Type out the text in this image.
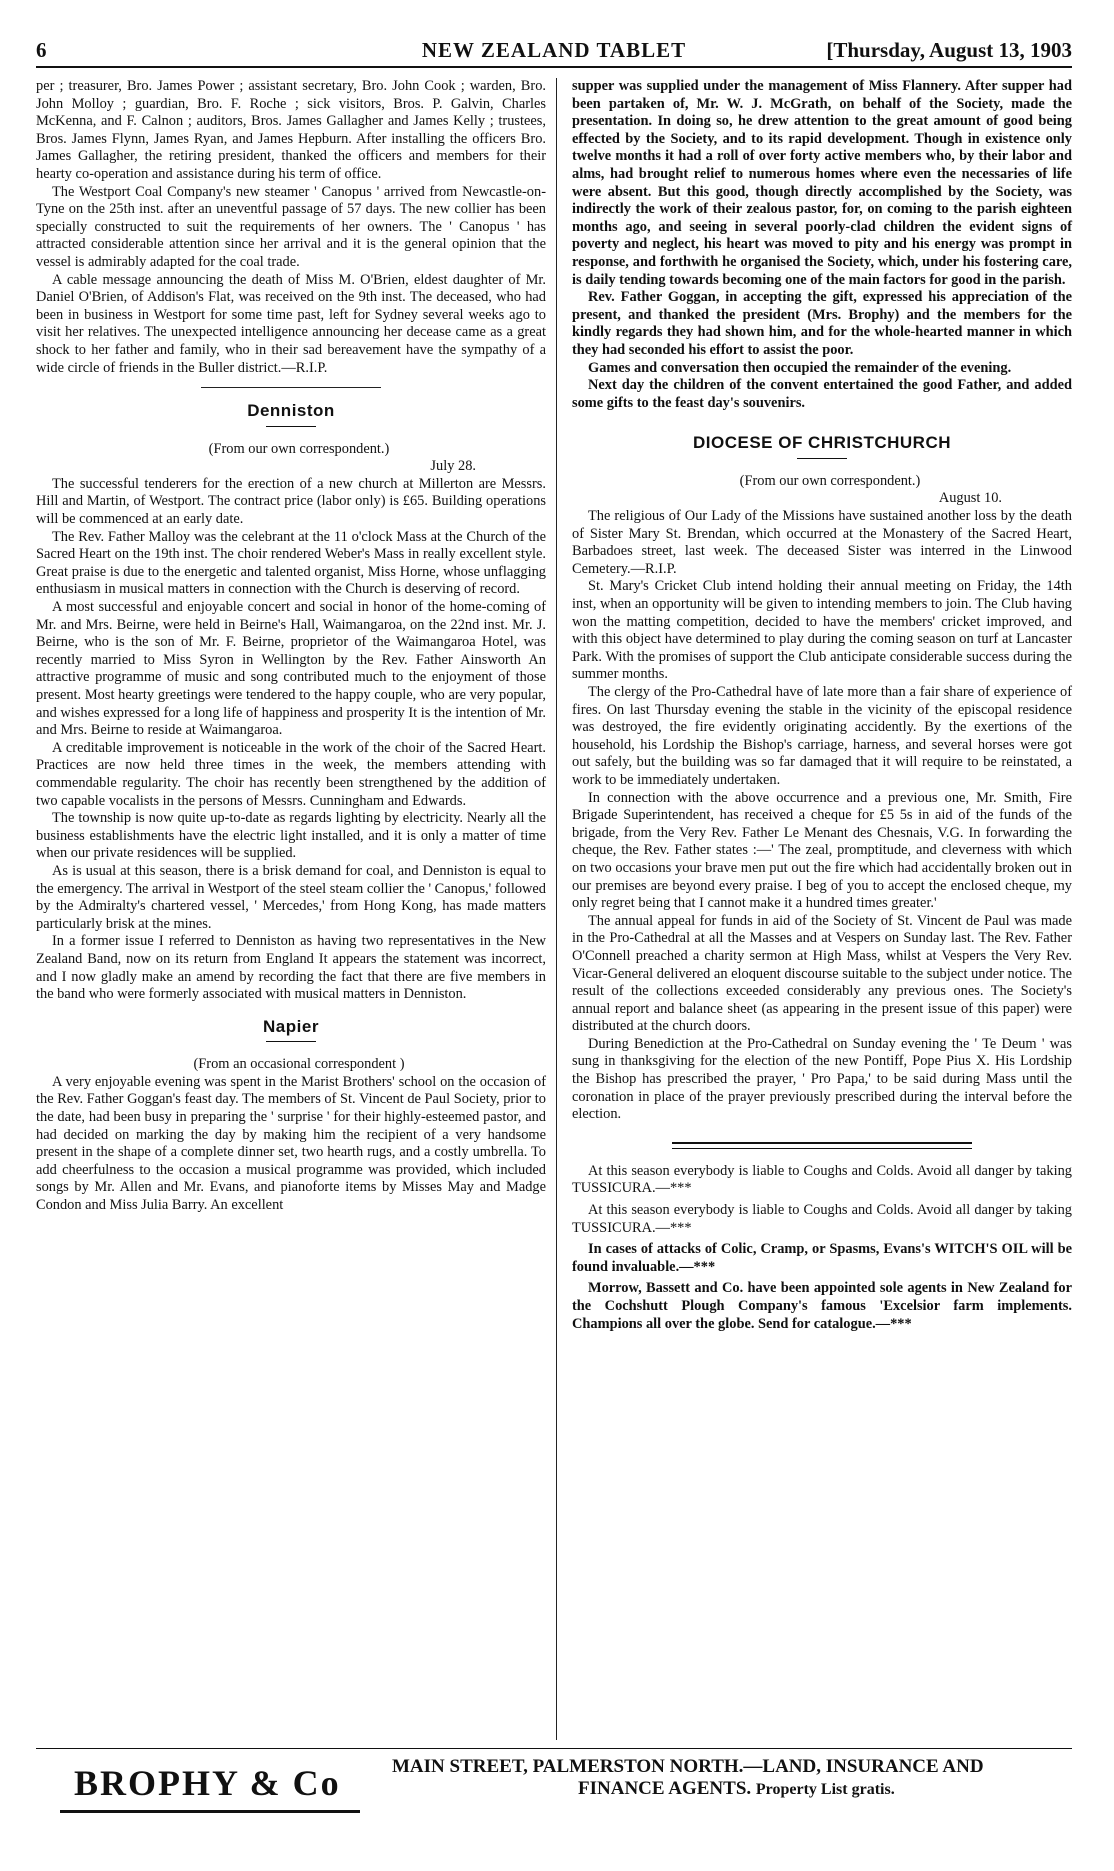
6	NEW ZEALAND TABLET	[Thursday, August 13, 1903

per ; treasurer, Bro. James Power ; assistant secretary, Bro. John Cook ; warden, Bro. John Molloy ; guardian, Bro. F. Roche ; sick visitors, Bros. P. Galvin, Charles McKenna, and F. Calnon ; auditors, Bros. James Gallagher and James Kelly ; trustees, Bros. James Flynn, James Ryan, and James Hepburn. After installing the officers Bro. James Gallagher, the retiring president, thanked the officers and members for their hearty co-operation and assistance during his term of office.

The Westport Coal Company's new steamer ' Canopus ' arrived from Newcastle-on-Tyne on the 25th inst. after an uneventful passage of 57 days. The new collier has been specially constructed to suit the requirements of her owners. The ' Canopus ' has attracted considerable attention since her arrival and it is the general opinion that the vessel is admirably adapted for the coal trade.

A cable message announcing the death of Miss M. O'Brien, eldest daughter of Mr. Daniel O'Brien, of Addison's Flat, was received on the 9th inst. The deceased, who had been in business in Westport for some time past, left for Sydney several weeks ago to visit her relatives. The unexpected intelligence announcing her decease came as a great shock to her father and family, who in their sad bereavement have the sympathy of a wide circle of friends in the Buller district.—R.I.P.

Denniston

(From our own correspondent.)

July 28.

The successful tenderers for the erection of a new church at Millerton are Messrs. Hill and Martin, of Westport. The contract price (labor only) is £65. Building operations will be commenced at an early date.

The Rev. Father Malloy was the celebrant at the 11 o'clock Mass at the Church of the Sacred Heart on the 19th inst. The choir rendered Weber's Mass in really excellent style. Great praise is due to the energetic and talented organist, Miss Horne, whose unflagging enthusiasm in musical matters in connection with the Church is deserving of record.

A most successful and enjoyable concert and social in honor of the home-coming of Mr. and Mrs. Beirne, were held in Beirne's Hall, Waimangaroa, on the 22nd inst. Mr. J. Beirne, who is the son of Mr. F. Beirne, proprietor of the Waimangaroa Hotel, was recently married to Miss Syron in Wellington by the Rev. Father Ainsworth An attractive programme of music and song contributed much to the enjoyment of those present. Most hearty greetings were tendered to the happy couple, who are very popular, and wishes expressed for a long life of happiness and prosperity It is the intention of Mr. and Mrs. Beirne to reside at Waimangaroa.

A creditable improvement is noticeable in the work of the choir of the Sacred Heart. Practices are now held three times in the week, the members attending with commendable regularity. The choir has recently been strengthened by the addition of two capable vocalists in the persons of Messrs. Cunningham and Edwards.

The township is now quite up-to-date as regards lighting by electricity. Nearly all the business establishments have the electric light installed, and it is only a matter of time when our private residences will be supplied.

As is usual at this season, there is a brisk demand for coal, and Denniston is equal to the emergency. The arrival in Westport of the steel steam collier the ' Canopus,' followed by the Admiralty's chartered vessel, ' Mercedes,' from Hong Kong, has made matters particularly brisk at the mines.

In a former issue I referred to Denniston as having two representatives in the New Zealand Band, now on its return from England It appears the statement was incorrect, and I now gladly make an amend by recording the fact that there are five members in the band who were formerly associated with musical matters in Denniston.

Napier

(From an occasional correspondent )

A very enjoyable evening was spent in the Marist Brothers' school on the occasion of the Rev. Father Goggan's feast day. The members of St. Vincent de Paul Society, prior to the date, had been busy in preparing the ' surprise ' for their highly-esteemed pastor, and had decided on marking the day by making him the recipient of a very handsome present in the shape of a complete dinner set, two hearth rugs, and a costly umbrella. To add cheerfulness to the occasion a musical programme was provided, which included songs by Mr. Allen and Mr. Evans, and pianoforte items by Misses May and Madge Condon and Miss Julia Barry. An excellent

supper was supplied under the management of Miss Flannery. After supper had been partaken of, Mr. W. J. McGrath, on behalf of the Society, made the presentation. In doing so, he drew attention to the great amount of good being effected by the Society, and to its rapid development. Though in existence only twelve months it had a roll of over forty active members who, by their labor and alms, had brought relief to numerous homes where even the necessaries of life were absent. But this good, though directly accomplished by the Society, was indirectly the work of their zealous pastor, for, on coming to the parish eighteen months ago, and seeing in several poorly-clad children the evident signs of poverty and neglect, his heart was moved to pity and his energy was prompt in response, and forthwith he organised the Society, which, under his fostering care, is daily tending towards becoming one of the main factors for good in the parish.

Rev. Father Goggan, in accepting the gift, expressed his appreciation of the present, and thanked the president (Mrs. Brophy) and the members for the kindly regards they had shown him, and for the whole-hearted manner in which they had seconded his effort to assist the poor.

Games and conversation then occupied the remainder of the evening.

Next day the children of the convent entertained the good Father, and added some gifts to the feast day's souvenirs.

DIOCESE OF CHRISTCHURCH

(From our own correspondent.)

August 10.

The religious of Our Lady of the Missions have sustained another loss by the death of Sister Mary St. Brendan, which occurred at the Monastery of the Sacred Heart, Barbadoes street, last week. The deceased Sister was interred in the Linwood Cemetery.—R.I.P.

St. Mary's Cricket Club intend holding their annual meeting on Friday, the 14th inst, when an opportunity will be given to intending members to join. The Club having won the matting competition, decided to have the members' cricket improved, and with this object have determined to play during the coming season on turf at Lancaster Park. With the promises of support the Club anticipate considerable success during the summer months.

The clergy of the Pro-Cathedral have of late more than a fair share of experience of fires. On last Thursday evening the stable in the vicinity of the episcopal residence was destroyed, the fire evidently originating accidently. By the exertions of the household, his Lordship the Bishop's carriage, harness, and several horses were got out safely, but the building was so far damaged that it will require to be reinstated, a work to be immediately undertaken.

In connection with the above occurrence and a previous one, Mr. Smith, Fire Brigade Superintendent, has received a cheque for £5 5s in aid of the funds of the brigade, from the Very Rev. Father Le Menant des Chesnais, V.G. In forwarding the cheque, the Rev. Father states :—' The zeal, promptitude, and cleverness with which on two occasions your brave men put out the fire which had accidentally broken out in our premises are beyond every praise. I beg of you to accept the enclosed cheque, my only regret being that I cannot make it a hundred times greater.'

The annual appeal for funds in aid of the Society of St. Vincent de Paul was made in the Pro-Cathedral at all the Masses and at Vespers on Sunday last. The Rev. Father O'Connell preached a charity sermon at High Mass, whilst at Vespers the Very Rev. Vicar-General delivered an eloquent discourse suitable to the subject under notice. The result of the collections exceeded considerably any previous ones. The Society's annual report and balance sheet (as appearing in the present issue of this paper) were distributed at the church doors.

During Benediction at the Pro-Cathedral on Sunday evening the ' Te Deum ' was sung in thanksgiving for the election of the new Pontiff, Pope Pius X. His Lordship the Bishop has prescribed the prayer, ' Pro Papa,' to be said during Mass until the coronation in place of the prayer previously prescribed during the interval before the election.

At this season everybody is liable to Coughs and Colds. Avoid all danger by taking TUSSICURA.—***

At this season everybody is liable to Coughs and Colds. Avoid all danger by taking TUSSICURA.—***

In cases of attacks of Colic, Cramp, or Spasms, Evans's WITCH'S OIL will be found invaluable.—***

Morrow, Bassett and Co. have been appointed sole agents in New Zealand for the Cochshutt Plough Company's famous 'Excelsior farm implements. Champions all over the globe. Send for catalogue.—***

BROPHY & Co	MAIN STREET, PALMERSTON NORTH.—LAND, INSURANCE AND
FINANCE AGENTS. Property List gratis.
